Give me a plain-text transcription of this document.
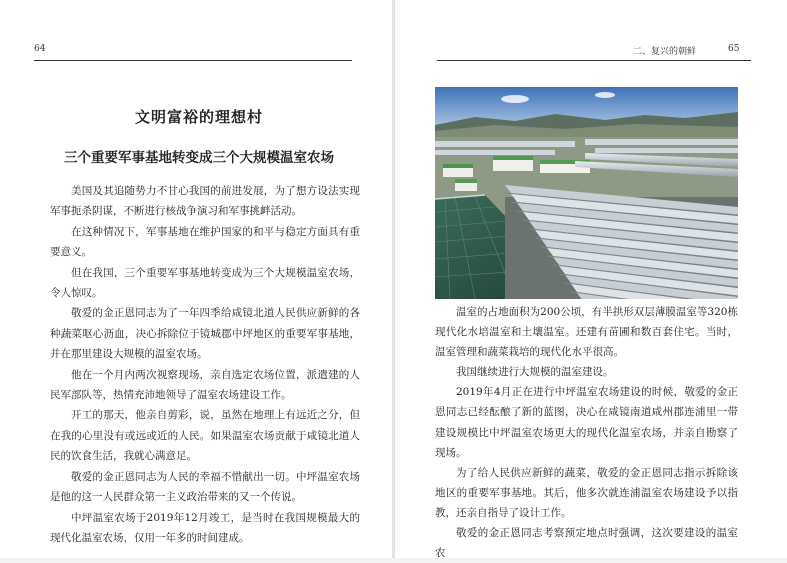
64
文明富裕的理想村
三个重要军事基地转变成三个大规模温室农场

美国及其追随势力不甘心我国的前进发展，为了想方设法实现军事扼杀阴谋，不断进行核战争演习和军事挑衅活动。

在这种情况下，军事基地在维护国家的和平与稳定方面具有重要意义。

但在我国，三个重要军事基地转变成为三个大规模温室农场，令人惊叹。

敬爱的金正恩同志为了一年四季给咸镜北道人民供应新鲜的各种蔬菜呕心沥血，决心拆除位于镜城郡中坪地区的重要军事基地，并在那里建设大规模的温室农场。

他在一个月内两次视察现场，亲自选定农场位置，派遣建的人民军部队等，热情充沛地领导了温室农场建设工作。

开工的那天，他亲自剪彩，说，虽然在地理上有远近之分，但在我的心里没有或远或近的人民。如果温室农场贡献于咸镜北道人民的饮食生活，我就心满意足。

敬爱的金正恩同志为人民的幸福不惜献出一切。中坪温室农场是他的这一人民群众第一主义政治带来的又一个传说。

中坪温室农场于2019年12月竣工，是当时在我国规模最大的现代化温室农场，仅用一年多的时间建成。

二、复兴的朝鲜	65

温室的占地面积为200公顷，有半拱形双层薄膜温室等320栋现代化水培温室和土壤温室。还建有苗圃和数百套住宅。当时，温室管理和蔬菜栽培的现代化水平很高。

我国继续进行大规模的温室建设。

2019年4月正在进行中坪温室农场建设的时候，敬爱的金正恩同志已经酝酿了新的蓝图，决心在咸镜南道咸州郡连浦里一带建设规模比中坪温室农场更大的现代化温室农场，并亲自勘察了现场。

为了给人民供应新鲜的蔬菜，敬爱的金正恩同志指示拆除该地区的重要军事基地。其后，他多次就连浦温室农场建设予以指教，还亲自指导了设计工作。

敬爱的金正恩同志考察预定地点时强调，这次要建设的温室农
